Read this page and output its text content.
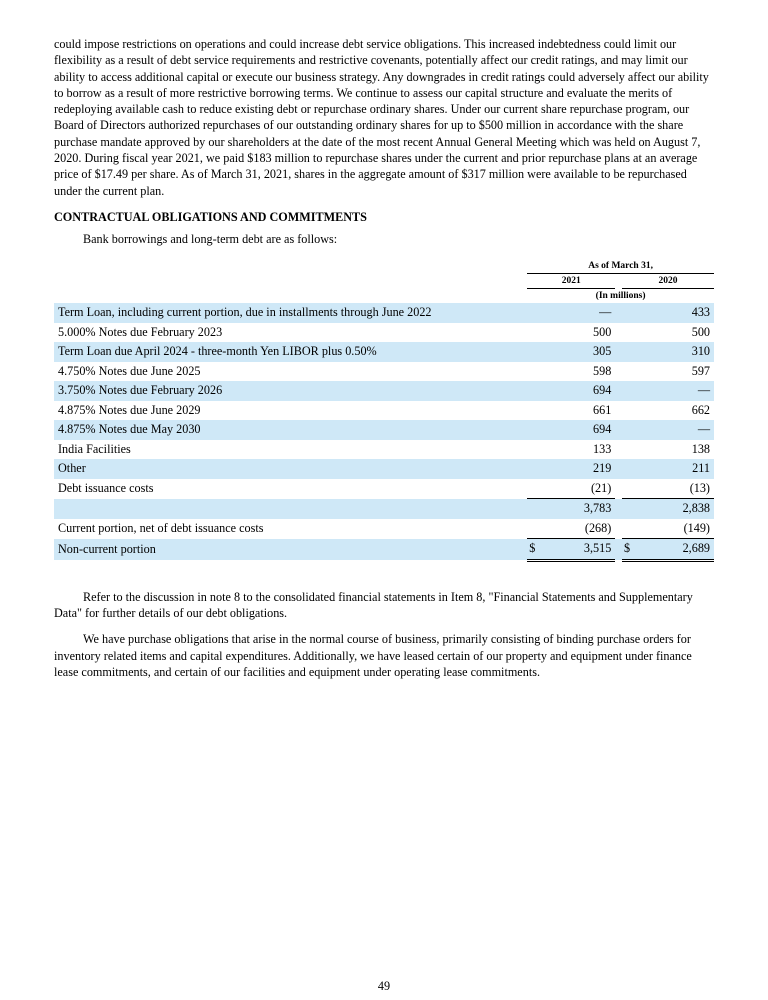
could impose restrictions on operations and could increase debt service obligations. This increased indebtedness could limit our flexibility as a result of debt service requirements and restrictive covenants, potentially affect our credit ratings, and may limit our ability to access additional capital or execute our business strategy. Any downgrades in credit ratings could adversely affect our ability to borrow as a result of more restrictive borrowing terms. We continue to assess our capital structure and evaluate the merits of redeploying available cash to reduce existing debt or repurchase ordinary shares. Under our current share repurchase program, our Board of Directors authorized repurchases of our outstanding ordinary shares for up to $500 million in accordance with the share purchase mandate approved by our shareholders at the date of the most recent Annual General Meeting which was held on August 7, 2020. During fiscal year 2021, we paid $183 million to repurchase shares under the current and prior repurchase plans at an average price of $17.49 per share. As of March 31, 2021, shares in the aggregate amount of $317 million were available to be repurchased under the current plan.

CONTRACTUAL OBLIGATIONS AND COMMITMENTS

Bank borrowings and long-term debt are as follows:

		As of March 31,		
		2021		2020
		(In millions)		
Term Loan, including current portion, due in installments through June 2022		—		433
5.000% Notes due February 2023		500		500
Term Loan due April 2024 - three-month Yen LIBOR plus 0.50%		305		310
4.750% Notes due June 2025		598		597
3.750% Notes due February 2026		694		—
4.875% Notes due June 2029		661		662
4.875% Notes due May 2030		694		—
India Facilities		133		138
Other		219		211
Debt issuance costs		(21)		(13)
		3,783		2,838
Current portion, net of debt issuance costs		(268)		(149)
Non-current portion		$ 3,515		$ 2,689

Refer to the discussion in note 8 to the consolidated financial statements in Item 8, "Financial Statements and Supplementary Data" for further details of our debt obligations.

We have purchase obligations that arise in the normal course of business, primarily consisting of binding purchase orders for inventory related items and capital expenditures. Additionally, we have leased certain of our property and equipment under finance lease commitments, and certain of our facilities and equipment under operating lease commitments.

49
